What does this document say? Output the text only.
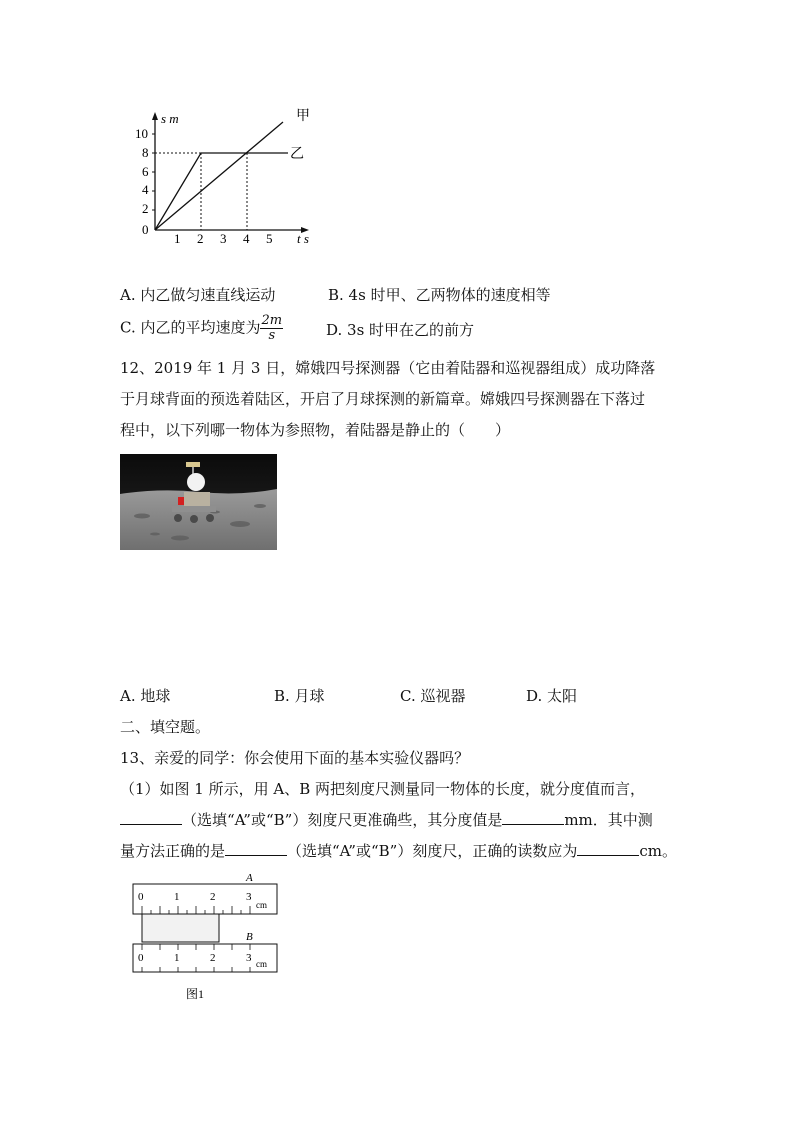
s m
t s
10
8
6
4
2
0
1 2 3 4 5
甲
乙
A. 内乙做匀速直线运动	B. 4s 时甲、乙两物体的速度相等
C. 内乙的平均速度为 $\frac{2m}{s}$	D. 3s 时甲在乙的前方
12、2019 年 1 月 3 日，嫦娥四号探测器（它由着陆器和巡视器组成）成功降落
于月球背面的预选着陆区，开启了月球探测的新篇章。嫦娥四号探测器在下落过
程中，以下列哪一物体为参照物，着陆器是静止的（　　）
A. 地球	B. 月球	C. 巡视器	D. 太阳
二、填空题。
13、亲爱的同学：你会使用下面的基本实验仪器吗？
（1）如图 1 所示，用 A、B 两把刻度尺测量同一物体的长度，就分度值而言，
（选填“A”或“B”）刻度尺更准确些，其分度值是	mm．其中测
量方法正确的是	（选填“A”或“B”）刻度尺，正确的读数应为	cm。
A
0	1	2	3
cm
B
0	1	2	3 cm
图1
